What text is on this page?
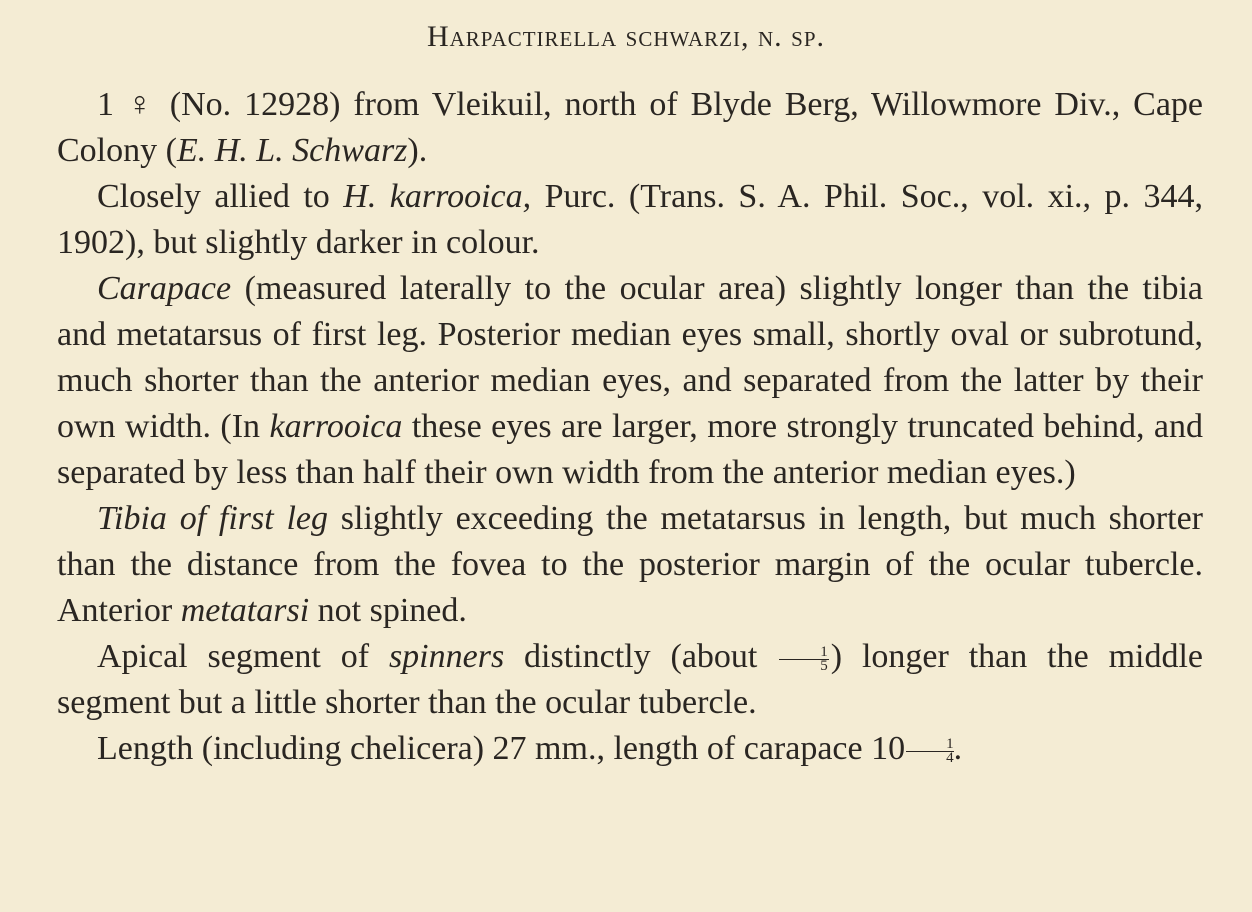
Harpactirella schwarzi, n. sp.

1 ♀ (No. 12928) from Vleikuil, north of Blyde Berg, Willowmore Div., Cape Colony (E. H. L. Schwarz).

Closely allied to H. karrooica, Purc. (Trans. S. A. Phil. Soc., vol. xi., p. 344, 1902), but slightly darker in colour.

Carapace (measured laterally to the ocular area) slightly longer than the tibia and metatarsus of first leg. Posterior median eyes small, shortly oval or subrotund, much shorter than the anterior median eyes, and separated from the latter by their own width. (In karrooica these eyes are larger, more strongly truncated behind, and separated by less than half their own width from the anterior median eyes.)

Tibia of first leg slightly exceeding the metatarsus in length, but much shorter than the distance from the fovea to the posterior margin of the ocular tubercle. Anterior metatarsi not spined.

Apical segment of spinners distinctly (about $\frac{1}{5}$ ) longer than the middle segment but a little shorter than the ocular tubercle.

Length (including chelicera) 27 mm., length of carapace $10 \frac{1}{4}$ .
